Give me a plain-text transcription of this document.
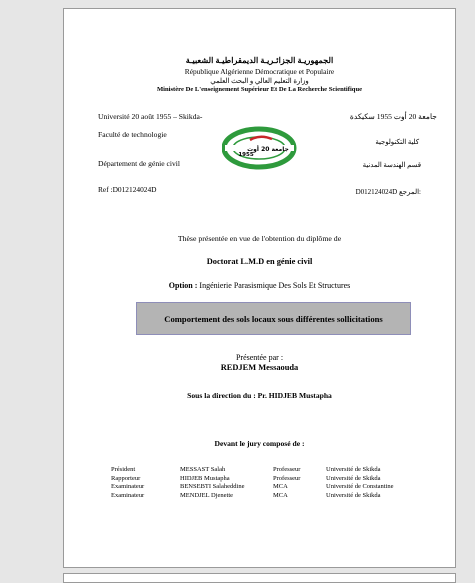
الجمهوريـة الجزائـريـة الديمقراطيـة الشعبيـة
République Algérienne Démocratique et Populaire
وزارة التعليم العالي و البحث العلمي
Ministère De L'enseignement Supérieur Et De La Recherche Scientifique
Université 20 août 1955 – Skikda-	جامعة 20 أوت 1955 سكيكدة
Faculté de technologie
كلية التكنولوجية
Département de génie civil	قسم الهندسة المدنية
Ref :D012124024D	D012124024D المرجع:
جامعة 20 أوت
1955
Thèse présentée en vue de l'obtention du diplôme de
Doctorat L.M.D en génie civil
Option : Ingénierie Parasismique Des Sols Et Structures
Comportement des sols locaux sous différentes sollicitations
Présentée par :
REDJEM Messaouda
Sous la direction du : Pr. HIDJEB Mustapha
Devant le jury composé de :
Président	MESSAST Salah	Professeur	Université de Skikda
Rapporteur	HIDJEB Mustapha	Professeur	Université de Skikda
Examinateur	BENSEBTI Salaheddine	MCA	Université de Constantine
Examinateur	MENDJEL Djenette	MCA	Université de Skikda
